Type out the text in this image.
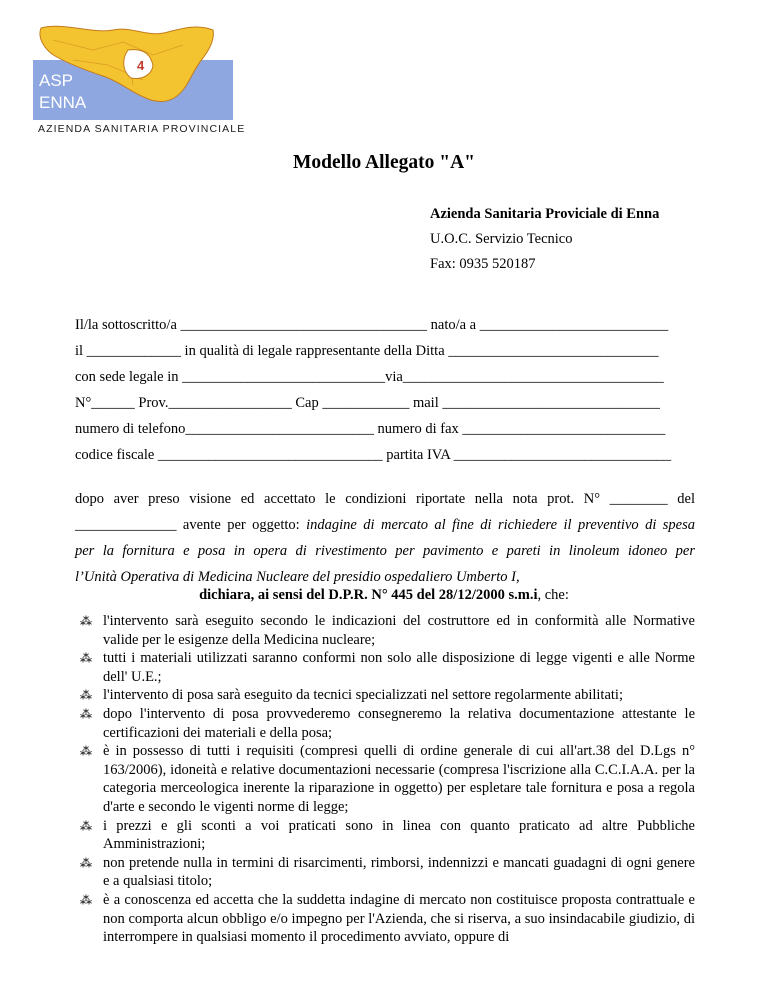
4
ASP
ENNA
AZIENDA SANITARIA PROVINCIALE
Modello Allegato "A"
Azienda Sanitaria Proviciale di Enna
U.O.C. Servizio Tecnico
Fax: 0935 520187
Il/la sottoscritto/a __________________________________ nato/a a __________________________
il _____________ in qualità di legale rappresentante della Ditta _____________________________
con sede legale in ____________________________via____________________________________
N°______ Prov._________________ Cap ____________ mail ______________________________
numero di telefono__________________________ numero di fax ____________________________
codice fiscale _______________________________ partita IVA ______________________________
dopo aver preso visione ed accettato le condizioni riportate nella nota prot. N° ________ del
______________ avente per oggetto: indagine di mercato al fine di richiedere il preventivo di spesa
per la fornitura e posa in opera di rivestimento per pavimento e pareti in linoleum idoneo per
l’Unità Operativa di Medicina Nucleare del presidio ospedaliero Umberto I,
dichiara, ai sensi del D.P.R. N° 445 del 28/12/2000 s.m.i, che:
⁂ l'intervento sarà eseguito secondo le indicazioni del costruttore ed in conformità alle Normative valide per le esigenze della Medicina nucleare;
⁂ tutti i materiali utilizzati saranno conformi non solo alle disposizione di legge vigenti e alle Norme dell' U.E.;
⁂ l'intervento di posa sarà eseguito da tecnici specializzati nel settore regolarmente abilitati;
⁂ dopo l'intervento di posa provvederemo consegneremo la relativa documentazione attestante le certificazioni dei materiali e della posa;
⁂ è in possesso di tutti i requisiti (compresi quelli di ordine generale di cui all'art.38 del D.Lgs n° 163/2006), idoneità e relative documentazioni necessarie (compresa l'iscrizione alla C.C.I.A.A. per la categoria merceologica inerente la riparazione in oggetto) per espletare tale fornitura e posa a regola d'arte e secondo le vigenti norme di legge;
⁂ i prezzi e gli sconti a voi praticati sono in linea con quanto praticato ad altre Pubbliche Amministrazioni;
⁂ non pretende nulla in termini di risarcimenti, rimborsi, indennizzi e mancati guadagni di ogni genere e a qualsiasi titolo;
⁂ è a conoscenza ed accetta che la suddetta indagine di mercato non costituisce proposta contrattuale e non comporta alcun obbligo e/o impegno per l'Azienda, che si riserva, a suo insindacabile giudizio, di interrompere in qualsiasi momento il procedimento avviato, oppure di
